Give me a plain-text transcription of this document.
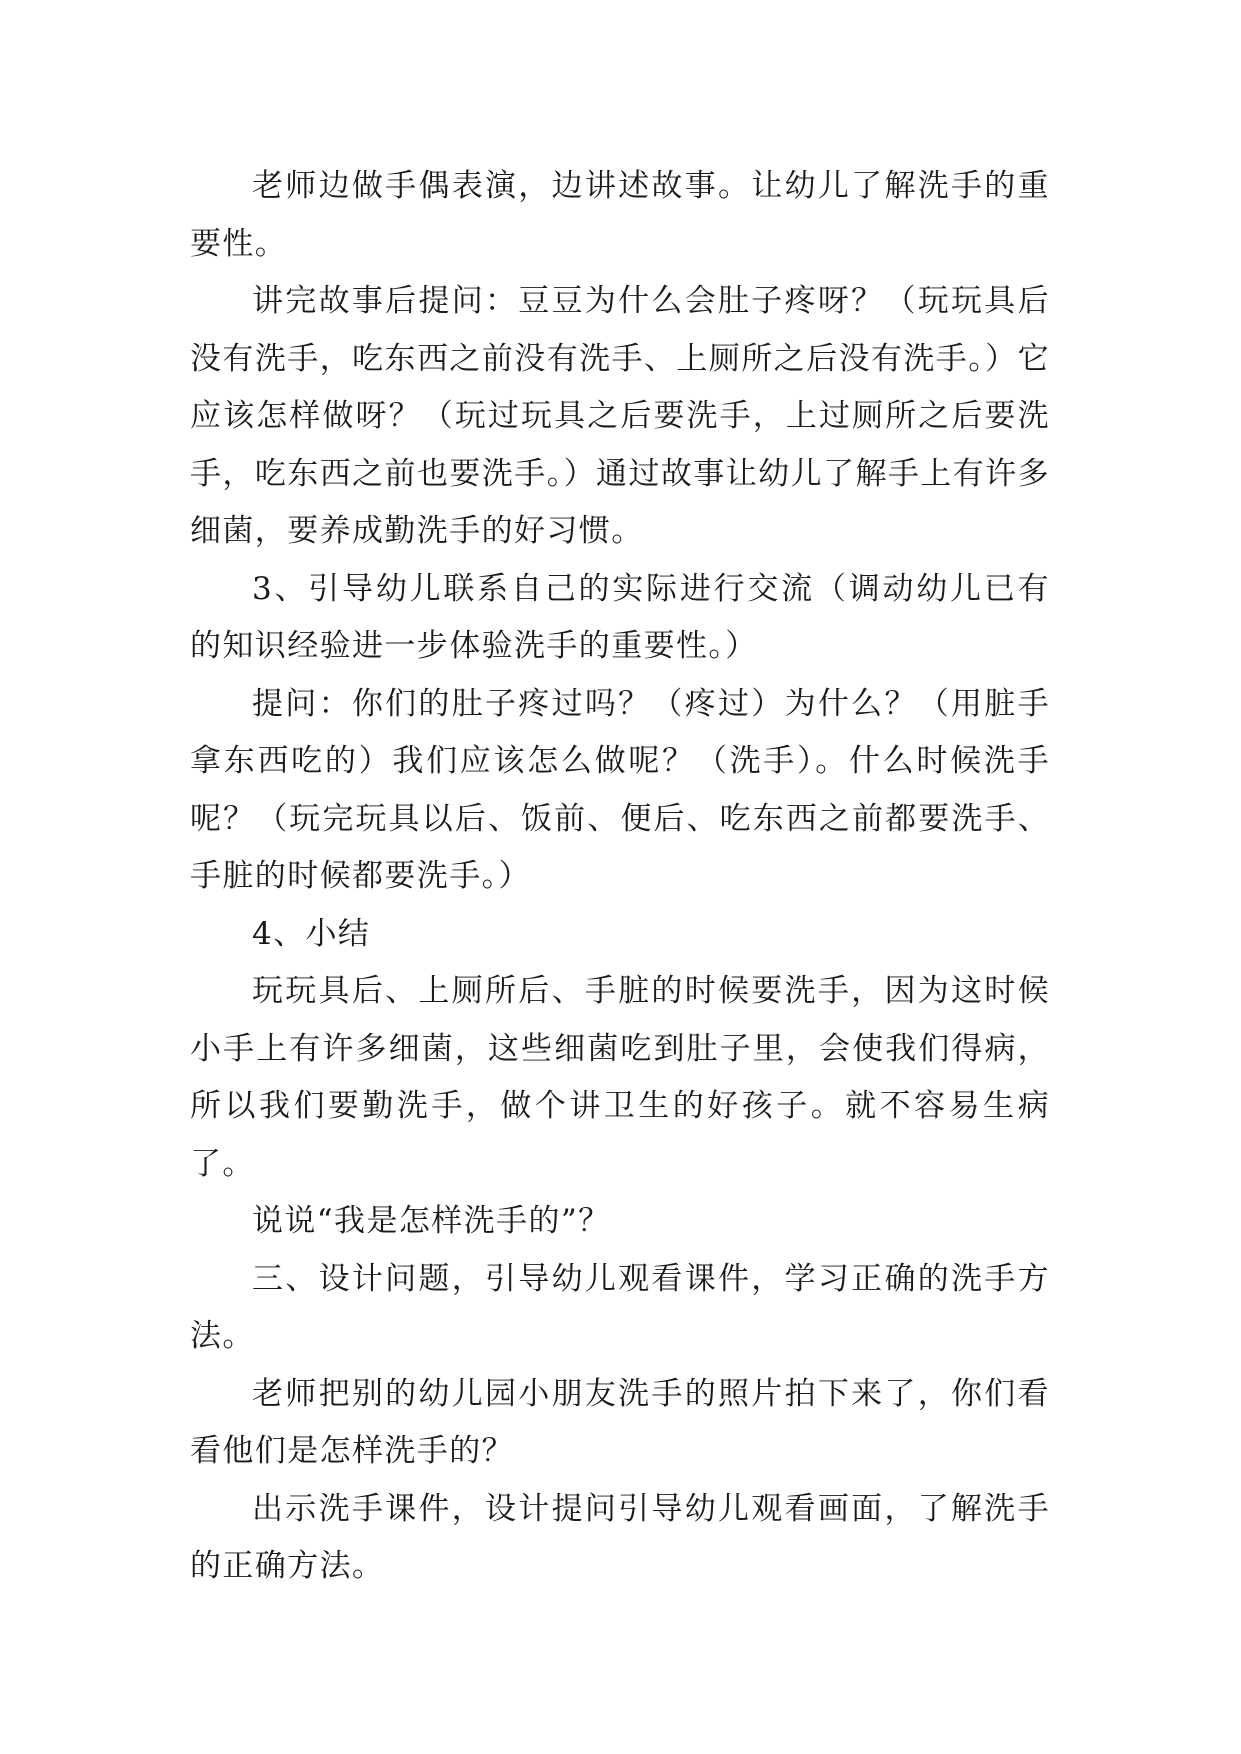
老师边做手偶表演，边讲述故事。让幼儿了解洗手的重要性。

讲完故事后提问：豆豆为什么会肚子疼呀？（玩玩具后没有洗手，吃东西之前没有洗手、上厕所之后没有洗手。）它应该怎样做呀？（玩过玩具之后要洗手，上过厕所之后要洗手，吃东西之前也要洗手。）通过故事让幼儿了解手上有许多细菌，要养成勤洗手的好习惯。

3、引导幼儿联系自己的实际进行交流（调动幼儿已有的知识经验进一步体验洗手的重要性。）

提问：你们的肚子疼过吗？（疼过）为什么？（用脏手拿东西吃的）我们应该怎么做呢？（洗手）。什么时候洗手呢？（玩完玩具以后、饭前、便后、吃东西之前都要洗手、手脏的时候都要洗手。）

4、小结

玩玩具后、上厕所后、手脏的时候要洗手，因为这时候小手上有许多细菌，这些细菌吃到肚子里，会使我们得病，所以我们要勤洗手，做个讲卫生的好孩子。就不容易生病了。

说说“我是怎样洗手的”？

三、设计问题，引导幼儿观看课件，学习正确的洗手方法。

老师把别的幼儿园小朋友洗手的照片拍下来了，你们看看他们是怎样洗手的？

出示洗手课件，设计提问引导幼儿观看画面，了解洗手的正确方法。
